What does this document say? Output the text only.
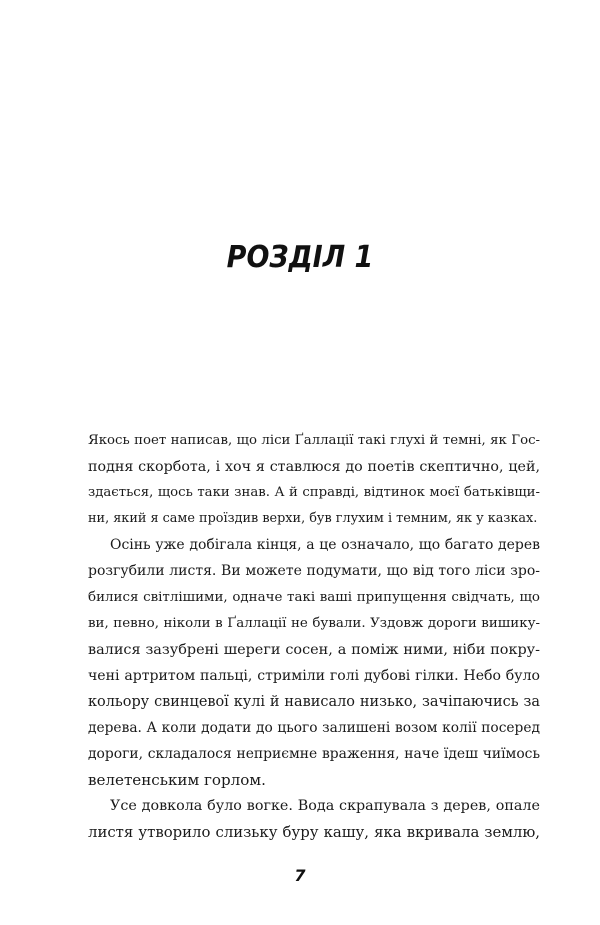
РОЗДІЛ 1
Якось поет написав, що ліси Ґаллації такі глухі й темні, як Гос-
подня скорбота, і хоч я ставлюся до поетів скептично, цей,
здається, щось таки знав. А й справді, відтинок моєї батьківщи-
ни, який я саме проїздив верхи, був глухим і темним, як у казках.
Осінь уже добігала кінця, а це означало, що багато дерев
розгубили листя. Ви можете подумати, що від того ліси зро-
билися світлішими, одначе такі ваші припущення свідчать, що
ви, певно, ніколи в Ґаллації не бували. Уздовж дороги вишику-
валися зазубрені шереги сосен, а поміж ними, ніби покру-
чені артритом пальці, стриміли голі дубові гілки. Небо було
кольору свинцевої кулі й нависало низько, зачіпаючись за
дерева. А коли додати до цього залишені возом колії посеред
дороги, складалося неприємне враження, наче їдеш чиїмось
велетенським горлом.
Усе довкола було вогке. Вода скрапувала з дерев, опале
листя утворило слизьку буру кашу, яка вкривала землю,
7
